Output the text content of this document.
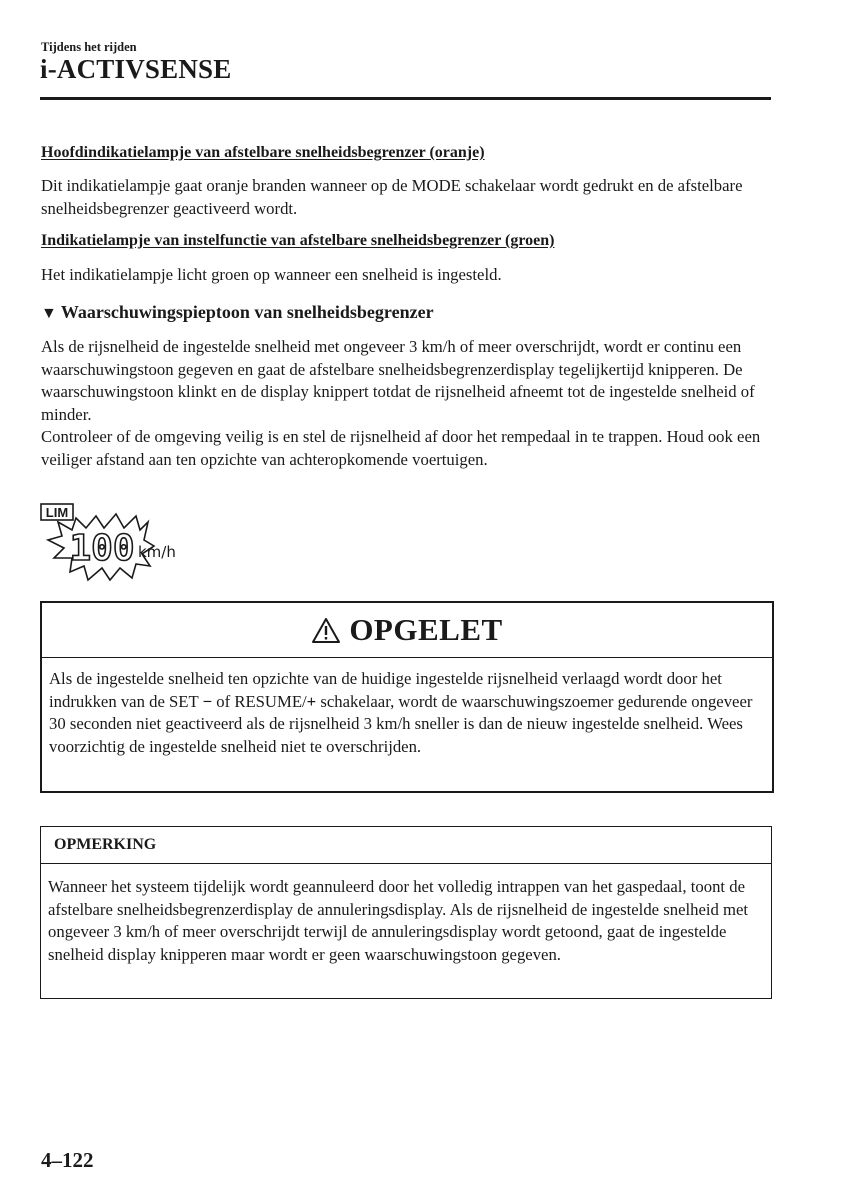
Tijdens het rijden
i-ACTIVSENSE
Hoofdindikatielampje van afstelbare snelheidsbegrenzer (oranje)
Dit indikatielampje gaat oranje branden wanneer op de MODE schakelaar wordt gedrukt en de afstelbare snelheidsbegrenzer geactiveerd wordt.
Indikatielampje van instelfunctie van afstelbare snelheidsbegrenzer (groen)
Het indikatielampje licht groen op wanneer een snelheid is ingesteld.
▼ Waarschuwingspieptoon van snelheidsbegrenzer
Als de rijsnelheid de ingestelde snelheid met ongeveer 3 km/h of meer overschrijdt, wordt er continu een waarschuwingstoon gegeven en gaat de afstelbare snelheidsbegrenzerdisplay tegelijkertijd knipperen. De waarschuwingstoon klinkt en de display knippert totdat de rijsnelheid afneemt tot de ingestelde snelheid of minder.
Controleer of de omgeving veilig is en stel de rijsnelheid af door het rempedaal in te trappen. Houd ook een veiliger afstand aan ten opzichte van achteropkomende voertuigen.
LIM
100 km/h
OPGELET
Als de ingestelde snelheid ten opzichte van de huidige ingestelde rijsnelheid verlaagd wordt door het indrukken van de SET − of RESUME/+ schakelaar, wordt de waarschuwingszoemer gedurende ongeveer 30 seconden niet geactiveerd als de rijsnelheid 3 km/h sneller is dan de nieuw ingestelde snelheid. Wees voorzichtig de ingestelde snelheid niet te overschrijden.
OPMERKING
Wanneer het systeem tijdelijk wordt geannuleerd door het volledig intrappen van het gaspedaal, toont de afstelbare snelheidsbegrenzerdisplay de annuleringsdisplay. Als de rijsnelheid de ingestelde snelheid met ongeveer 3 km/h of meer overschrijdt terwijl de annuleringsdisplay wordt getoond, gaat de ingestelde snelheid display knipperen maar wordt er geen waarschuwingstoon gegeven.
4–122
